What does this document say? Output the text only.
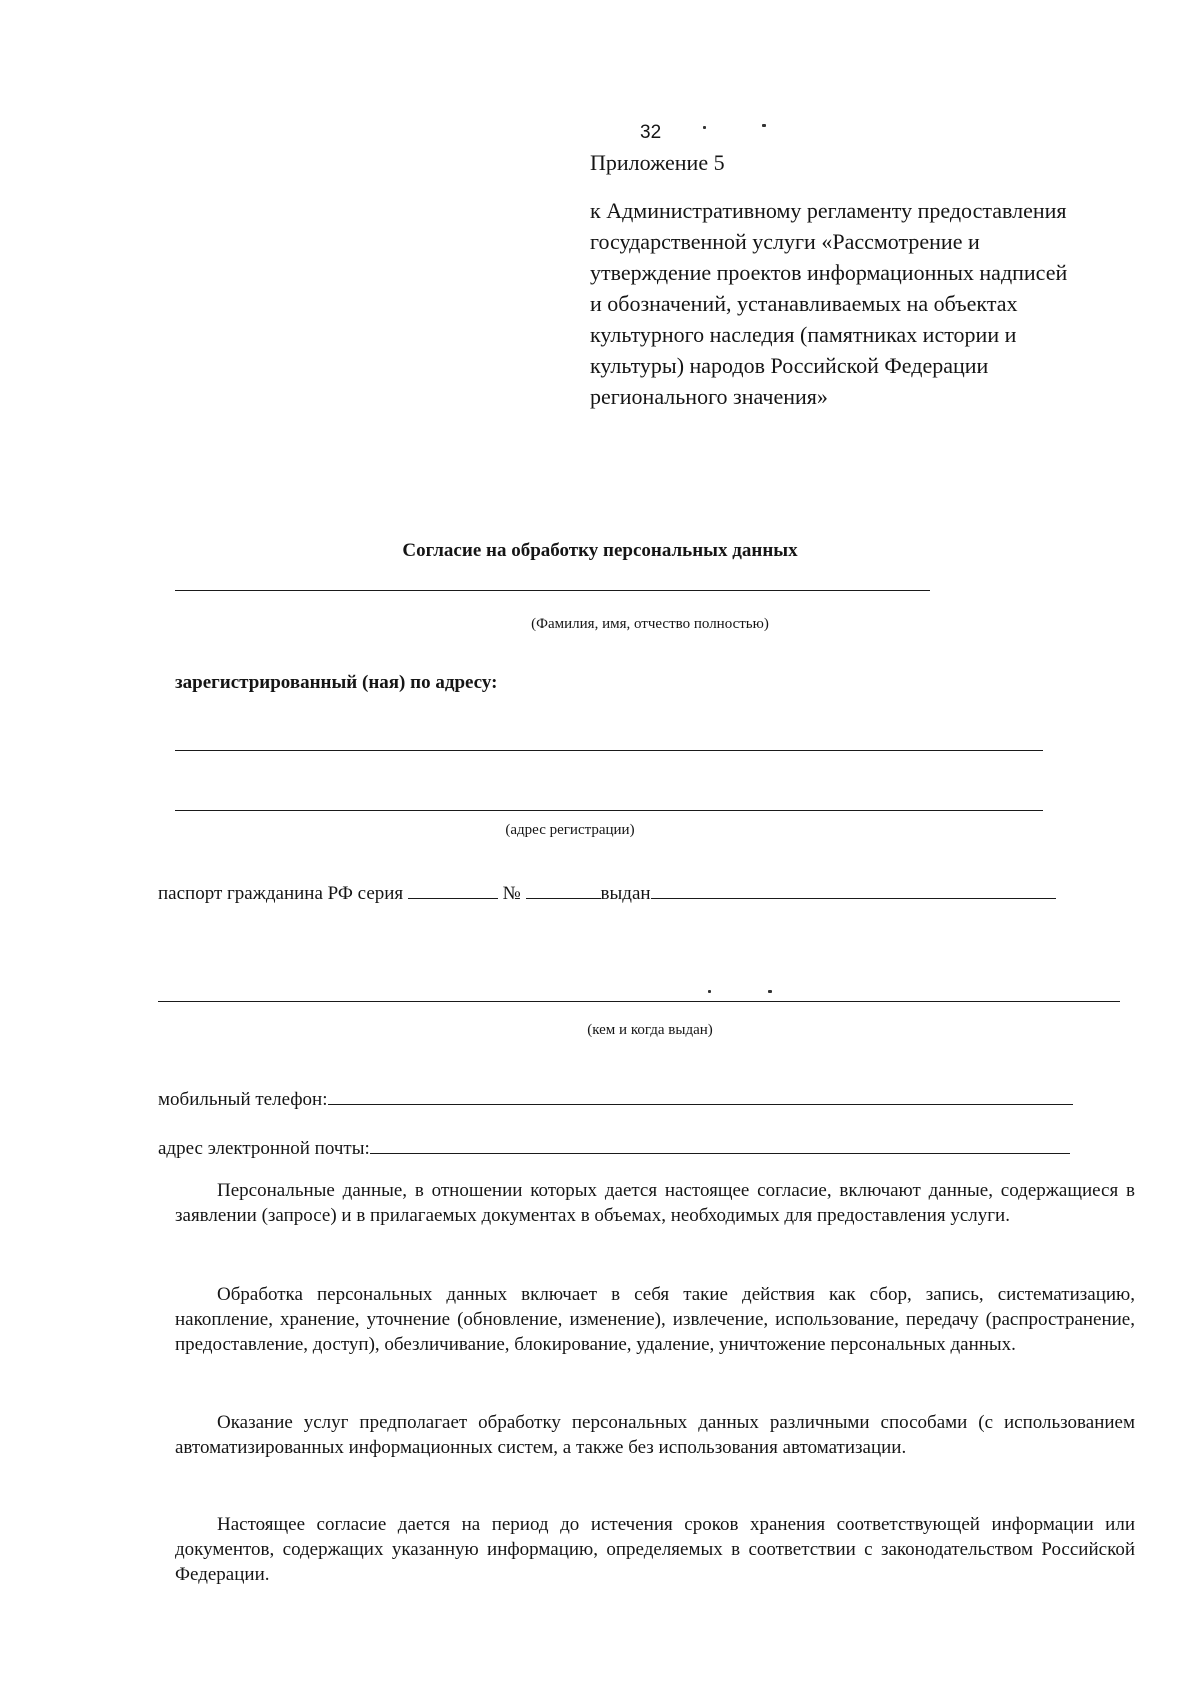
32
Приложение 5
к Административному регламенту предоставления
государственной услуги «Рассмотрение и
утверждение проектов информационных надписей
и обозначений, устанавливаемых на объектах
культурного наследия (памятниках истории и
культуры) народов Российской Федерации
регионального значения»
Согласие на обработку персональных данных
(Фамилия, имя, отчество полностью)
зарегистрированный (ная) по адресу:
(адрес регистрации)
паспорт гражданина РФ серия	№	выдан
(кем и когда выдан)
мобильный телефон:
адрес электронной почты:
Персональные данные, в отношении которых дается настоящее согласие, включают данные, содержащиеся в заявлении (запросе) и в прилагаемых документах в объемах, необходимых для предоставления услуги.
Обработка персональных данных включает в себя такие действия как сбор, запись, систематизацию, накопление, хранение, уточнение (обновление, изменение), извлечение, использование, передачу (распространение, предоставление, доступ), обезличивание, блокирование, удаление, уничтожение персональных данных.
Оказание услуг предполагает обработку персональных данных различными способами (с использованием автоматизированных информационных систем, а также без использования автоматизации.
Настоящее согласие дается на период до истечения сроков хранения соответствующей информации или документов, содержащих указанную информацию, определяемых в соответствии с законодательством Российской Федерации.
